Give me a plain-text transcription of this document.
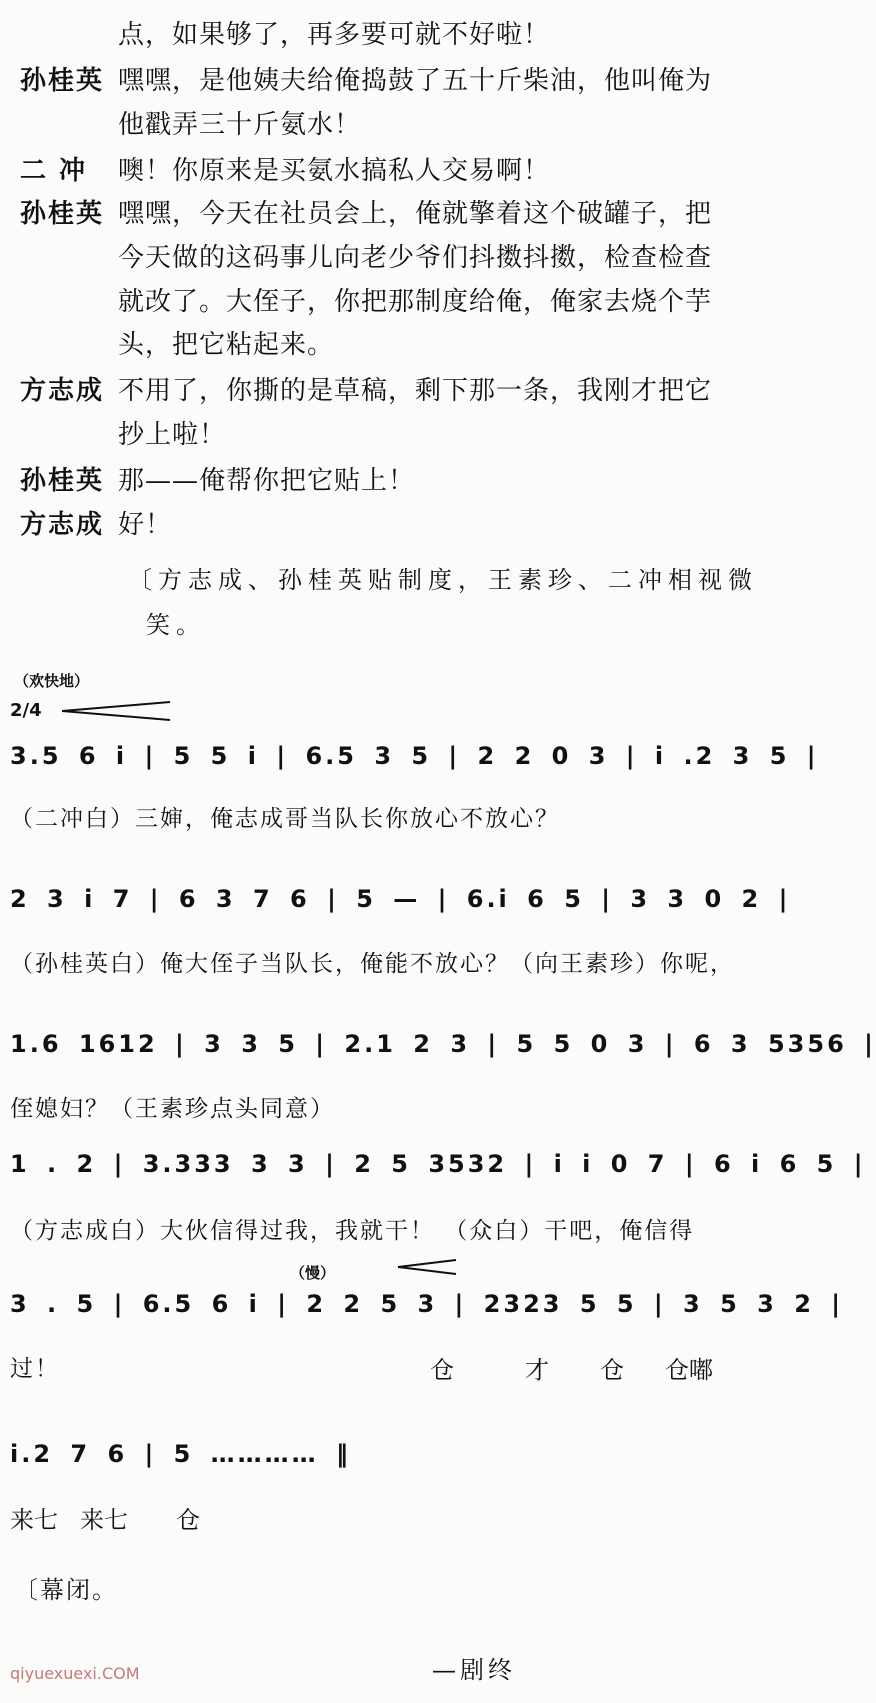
点，如果够了，再多要可就不好啦！
孙桂英 嘿嘿，是他姨夫给俺捣鼓了五十斤柴油，他叫俺为
他戳弄三十斤氨水！
二 冲 噢！你原来是买氨水搞私人交易啊！
孙桂英 嘿嘿，今天在社员会上，俺就擎着这个破罐子，把
今天做的这码事儿向老少爷们抖擞抖擞，检查检查
就改了。大侄子，你把那制度给俺，俺家去烧个芋
头，把它粘起来。
方志成 不用了，你撕的是草稿，剩下那一条，我刚才把它
抄上啦！
孙桂英 那——俺帮你把它贴上！
方志成 好！
〔方志成、孙桂英贴制度，王素珍、二冲相视微
笑。
（欢快地）
2/4
3.5 6 i | 5 5 i | 6.5 3 5 | 2 2 0 3 | i .2 3 5 |
（二冲白）三婶，俺志成哥当队长你放心不放心？
2 3 i 7 | 6 3 7 6 | 5 — | 6.i 6 5 | 3 3 0 2 |
（孙桂英白）俺大侄子当队长，俺能不放心？（向王素珍）你呢，
1.6 1612 | 3 3 5 | 2.1 2 3 | 5 5 0 3 | 6 3 5356 |
侄媳妇？（王素珍点头同意）
1 . 2 | 3.333 3 3 | 2 5 3532 | i i 0 7 | 6 i 6 5 |
（方志成白）大伙信得过我，我就干！ （众白）干吧，俺信得
（慢）
3 . 5 | 6.5 6 i | 2 2 5 3 | 2323 5 5 | 3 5 3 2 |
过！	仓	才 仓 仓嘟
i.2 7 6 | 5 ………… ‖
来七 来七 仓
〔幕闭。
qiyuexuexi.COM	—剧终
